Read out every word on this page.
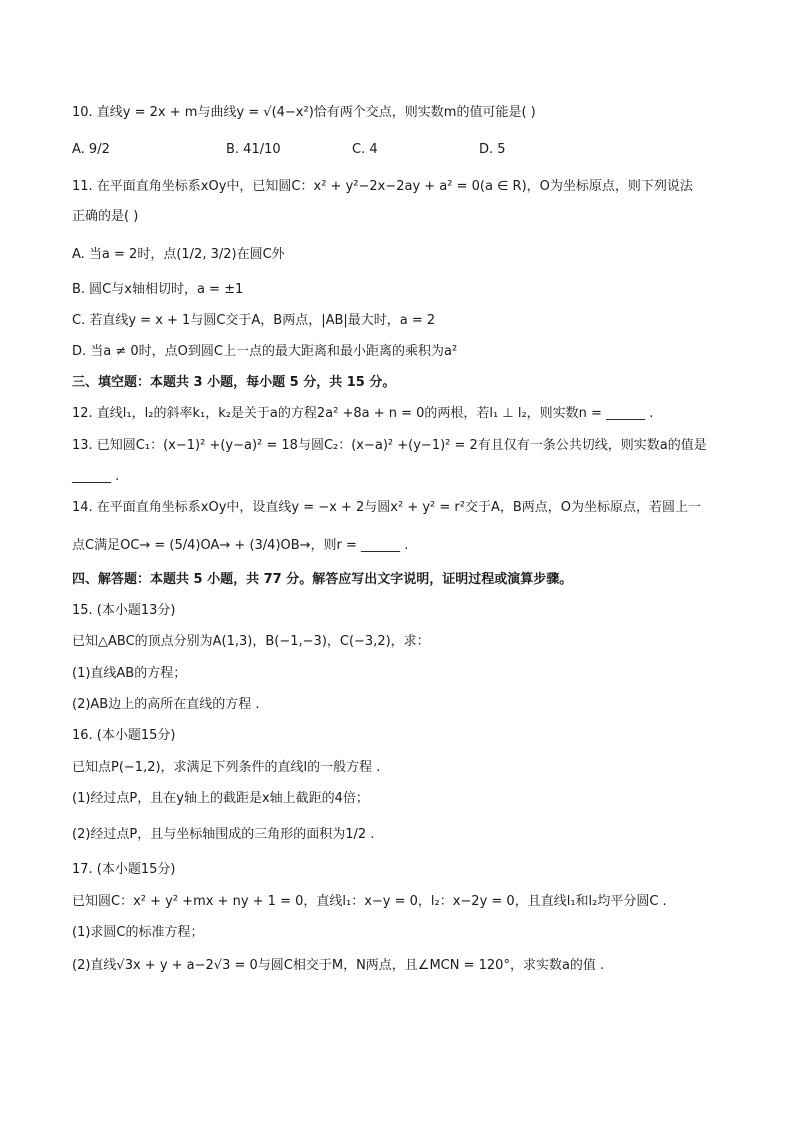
10. 直线y = 2x + m与曲线y = √(4−x²)恰有两个交点，则实数m的值可能是( )
A. 9/2	B. 41/10	C. 4	D. 5
11. 在平面直角坐标系xOy中，已知圆C：x² + y²−2x−2ay + a² = 0(a ∈ R)，O为坐标原点，则下列说法
正确的是( )
A. 当a = 2时，点(1/2, 3/2)在圆C外
B. 圆C与x轴相切时，a = ±1
C. 若直线y = x + 1与圆C交于A，B两点，|AB|最大时，a = 2
D. 当a ≠ 0时，点O到圆C上一点的最大距离和最小距离的乘积为a²
三、填空题：本题共 3 小题，每小题 5 分，共 15 分。
12. 直线l₁，l₂的斜率k₁，k₂是关于a的方程2a² +8a + n = 0的两根，若l₁ ⊥ l₂，则实数n = ______ .
13. 已知圆C₁：(x−1)² +(y−a)² = 18与圆C₂：(x−a)² +(y−1)² = 2有且仅有一条公共切线，则实数a的值是
______ .
14. 在平面直角坐标系xOy中，设直线y = −x + 2与圆x² + y² = r²交于A，B两点，O为坐标原点，若圆上一
点C满足OC→ = (5/4)OA→ + (3/4)OB→，则r = ______ .
四、解答题：本题共 5 小题，共 77 分。解答应写出文字说明，证明过程或演算步骤。
15. (本小题13分)
已知△ABC的顶点分别为A(1,3)，B(−1,−3)，C(−3,2)，求：
(1)直线AB的方程；
(2)AB边上的高所在直线的方程 .
16. (本小题15分)
已知点P(−1,2)，求满足下列条件的直线l的一般方程 .
(1)经过点P，且在y轴上的截距是x轴上截距的4倍；
(2)经过点P，且与坐标轴围成的三角形的面积为1/2 .
17. (本小题15分)
已知圆C：x² + y² +mx + ny + 1 = 0，直线l₁：x−y = 0，l₂：x−2y = 0，且直线l₁和l₂均平分圆C .
(1)求圆C的标准方程；
(2)直线√3x + y + a−2√3 = 0与圆C相交于M，N两点，且∠MCN = 120°，求实数a的值 .
